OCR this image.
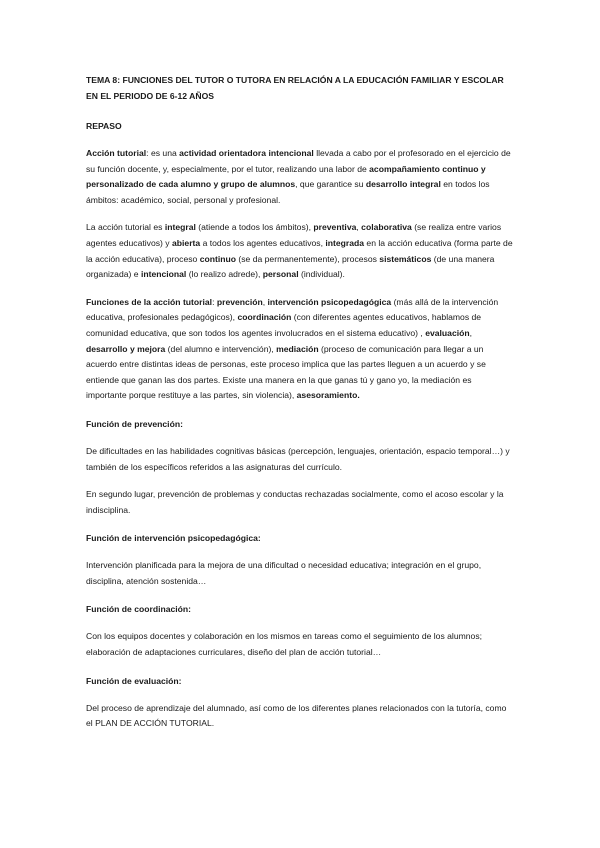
TEMA 8: FUNCIONES DEL TUTOR O TUTORA EN RELACIÓN A LA EDUCACIÓN FAMILIAR Y ESCOLAR EN EL PERIODO DE 6-12 AÑOS
REPASO

Acción tutorial: es una actividad orientadora intencional llevada a cabo por el profesorado en el ejercicio de su función docente, y, especialmente, por el tutor, realizando una labor de acompañamiento continuo y personalizado de cada alumno y grupo de alumnos, que garantice su desarrollo integral en todos los ámbitos: académico, social, personal y profesional.

La acción tutorial es integral (atiende a todos los ámbitos), preventiva, colaborativa (se realiza entre varios agentes educativos) y abierta a todos los agentes educativos, integrada en la acción educativa (forma parte de la acción educativa), proceso continuo (se da permanentemente), procesos sistemáticos (de una manera organizada) e intencional (lo realizo adrede), personal (individual).

Funciones de la acción tutorial: prevención, intervención psicopedagógica (más allá de la intervención educativa, profesionales pedagógicos), coordinación (con diferentes agentes educativos, hablamos de comunidad educativa, que son todos los agentes involucrados en el sistema educativo) , evaluación, desarrollo y mejora (del alumno e intervención), mediación (proceso de comunicación para llegar a un acuerdo entre distintas ideas de personas, este proceso implica que las partes lleguen a un acuerdo y se entiende que ganan las dos partes. Existe una manera en la que ganas tú y gano yo, la mediación es importante porque restituye a las partes, sin violencia), asesoramiento.

Función de prevención:

De dificultades en las habilidades cognitivas básicas (percepción, lenguajes, orientación, espacio temporal…) y también de los específicos referidos a las asignaturas del currículo.

En segundo lugar, prevención de problemas y conductas rechazadas socialmente, como el acoso escolar y la indisciplina.

Función de intervención psicopedagógica:

Intervención planificada para la mejora de una dificultad o necesidad educativa; integración en el grupo, disciplina, atención sostenida…

Función de coordinación:

Con los equipos docentes y colaboración en los mismos en tareas como el seguimiento de los alumnos; elaboración de adaptaciones curriculares, diseño del plan de acción tutorial…

Función de evaluación:

Del proceso de aprendizaje del alumnado, así como de los diferentes planes relacionados con la tutoría, como el PLAN DE ACCIÓN TUTORIAL.
